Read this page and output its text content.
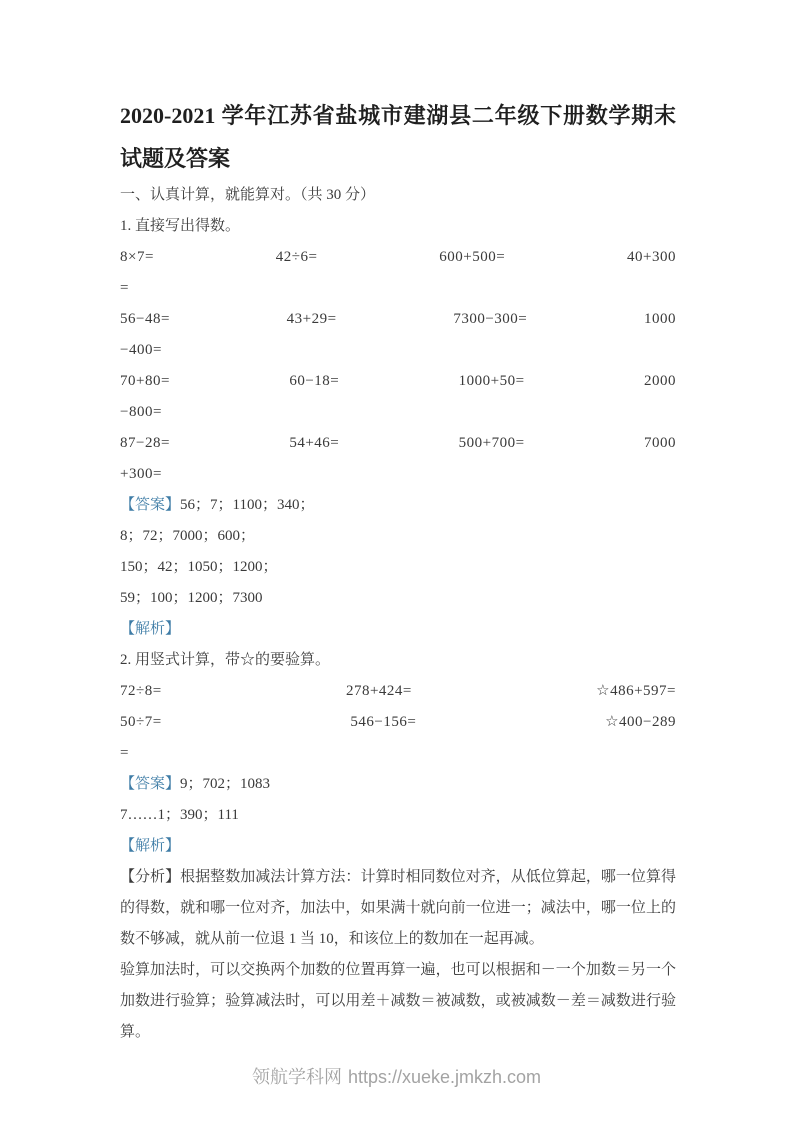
2020-2021 学年江苏省盐城市建湖县二年级下册数学期末试题及答案

一、认真计算，就能算对。（共 30 分）

1. 直接写出得数。

8×7=	42÷6=	600+500=	40+300

=

56−48=	43+29=	7300−300=	1000

−400=

70+80=	60−18=	1000+50=	2000

−800=

87−28=	54+46=	500+700=	7000

+300=

【答案】56；7；1100；340；

8；72；7000；600；

150；42；1050；1200；

59；100；1200；7300

【解析】

2. 用竖式计算，带☆的要验算。

72÷8=	278+424=	☆486+597=
50÷7=	546−156=	☆400−289

=

【答案】9；702；1083

7……1；390；111

【解析】

【分析】根据整数加减法计算方法：计算时相同数位对齐，从低位算起，哪一位算得的得数，就和哪一位对齐，加法中，如果满十就向前一位进一；减法中，哪一位上的数不够减，就从前一位退 1 当 10，和该位上的数加在一起再减。

验算加法时，可以交换两个加数的位置再算一遍，也可以根据和－一个加数＝另一个加数进行验算；验算减法时，可以用差＋减数＝被减数，或被减数－差＝减数进行验算。

领航学科网 https://xueke.jmkzh.com
